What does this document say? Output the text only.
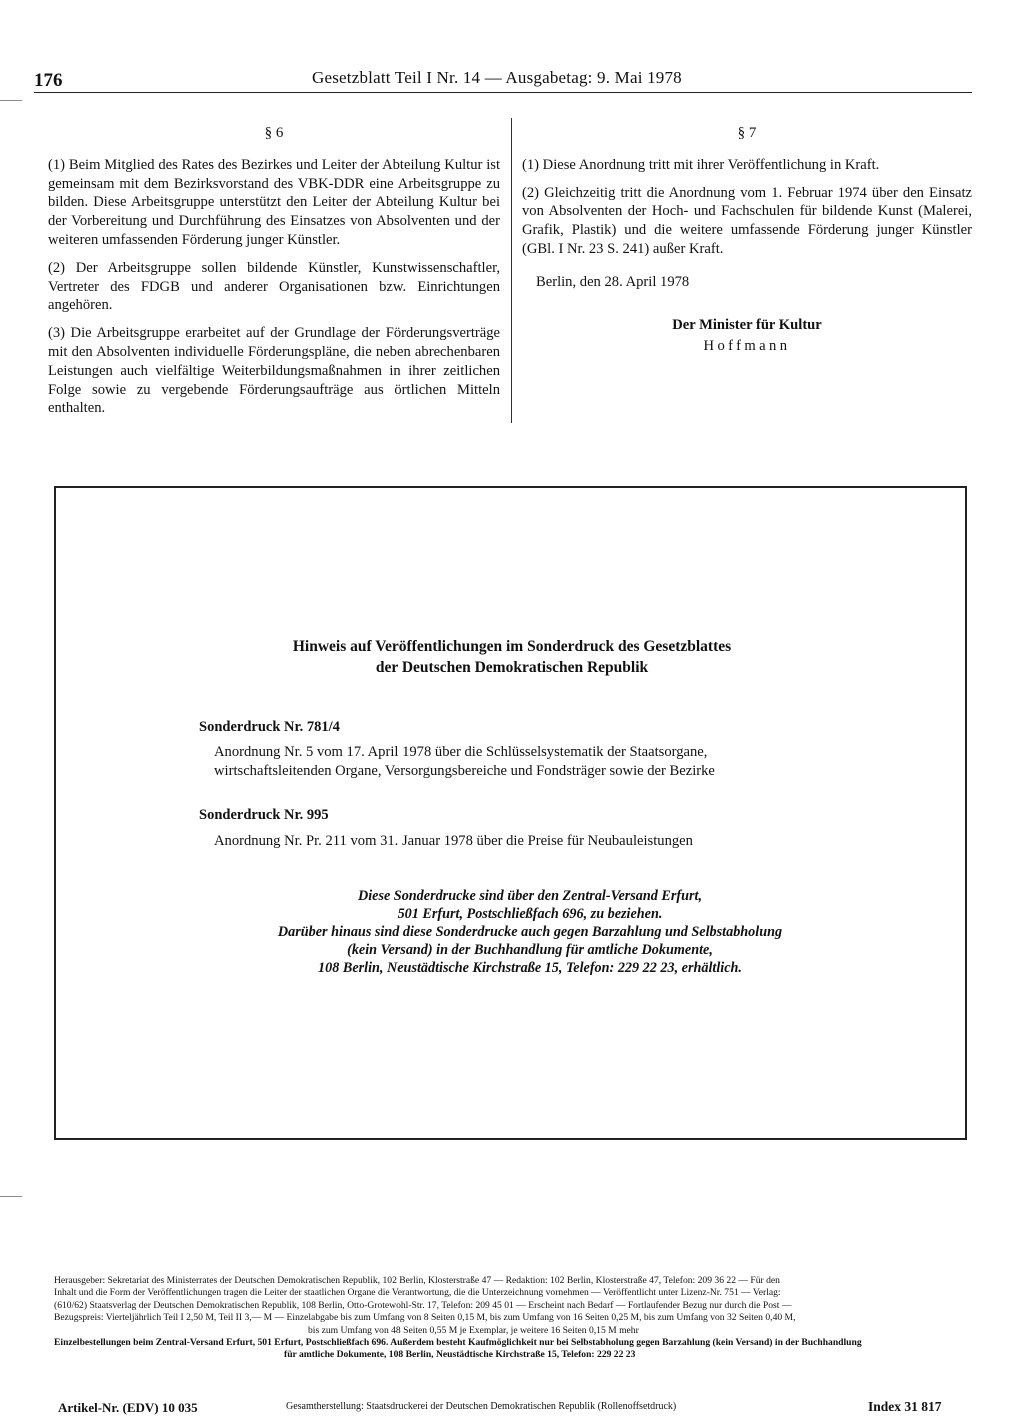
176	Gesetzblatt Teil I Nr. 14 — Ausgabetag: 9. Mai 1978
§ 6

(1) Beim Mitglied des Rates des Bezirkes und Leiter der Abteilung Kultur ist gemeinsam mit dem Bezirksvorstand des VBK-DDR eine Arbeitsgruppe zu bilden. Diese Arbeitsgruppe unterstützt den Leiter der Abteilung Kultur bei der Vorbereitung und Durchführung des Einsatzes von Absolventen und der weiteren umfassenden Förderung junger Künstler.

(2) Der Arbeitsgruppe sollen bildende Künstler, Kunstwissenschaftler, Vertreter des FDGB und anderer Organisationen bzw. Einrichtungen angehören.

(3) Die Arbeitsgruppe erarbeitet auf der Grundlage der Förderungsverträge mit den Absolventen individuelle Förderungspläne, die neben abrechenbaren Leistungen auch vielfältige Weiterbildungsmaßnahmen in ihrer zeitlichen Folge sowie zu vergebende Förderungsaufträge aus örtlichen Mitteln enthalten.

§ 7

(1) Diese Anordnung tritt mit ihrer Veröffentlichung in Kraft.

(2) Gleichzeitig tritt die Anordnung vom 1. Februar 1974 über den Einsatz von Absolventen der Hoch- und Fachschulen für bildende Kunst (Malerei, Grafik, Plastik) und die weitere umfassende Förderung junger Künstler (GBl. I Nr. 23 S. 241) außer Kraft.

Berlin, den 28. April 1978
Der Minister für Kultur
Hoffmann
Hinweis auf Veröffentlichungen im Sonderdruck des Gesetzblattes
der Deutschen Demokratischen Republik
Sonderdruck Nr. 781/4
Anordnung Nr. 5 vom 17. April 1978 über die Schlüsselsystematik der Staatsorgane,
wirtschaftsleitenden Organe, Versorgungsbereiche und Fondsträger sowie der Bezirke
Sonderdruck Nr. 995
Anordnung Nr. Pr. 211 vom 31. Januar 1978 über die Preise für Neubauleistungen
Diese Sonderdrucke sind über den Zentral-Versand Erfurt,
501 Erfurt, Postschließfach 696, zu beziehen.
Darüber hinaus sind diese Sonderdrucke auch gegen Barzahlung und Selbstabholung
(kein Versand) in der Buchhandlung für amtliche Dokumente,
108 Berlin, Neustädtische Kirchstraße 15, Telefon: 229 22 23, erhältlich.
Herausgeber: Sekretariat des Ministerrates der Deutschen Demokratischen Republik, 102 Berlin, Klosterstraße 47 — Redaktion: 102 Berlin, Klosterstraße 47, Telefon: 209 36 22 — Für den
Inhalt und die Form der Veröffentlichungen tragen die Leiter der staatlichen Organe die Verantwortung, die die Unterzeichnung vornehmen — Veröffentlicht unter Lizenz-Nr. 751 — Verlag:
(610/62) Staatsverlag der Deutschen Demokratischen Republik, 108 Berlin, Otto-Grotewohl-Str. 17, Telefon: 209 45 01 — Erscheint nach Bedarf — Fortlaufender Bezug nur durch die Post —
Bezugspreis: Vierteljährlich Teil I 2,50 M, Teil II 3,— M — Einzelabgabe bis zum Umfang von 8 Seiten 0,15 M, bis zum Umfang von 16 Seiten 0,25 M, bis zum Umfang von 32 Seiten 0,40 M,
bis zum Umfang von 48 Seiten 0,55 M je Exemplar, je weitere 16 Seiten 0,15 M mehr
Einzelbestellungen beim Zentral-Versand Erfurt, 501 Erfurt, Postschließfach 696. Außerdem besteht Kaufmöglichkeit nur bei Selbstabholung gegen Barzahlung (kein Versand) in der Buchhandlung
für amtliche Dokumente, 108 Berlin, Neustädtische Kirchstraße 15, Telefon: 229 22 23
Artikel-Nr. (EDV) 10 035	Gesamtherstellung: Staatsdruckerei der Deutschen Demokratischen Republik (Rollenoffsetdruck)	Index 31 817
